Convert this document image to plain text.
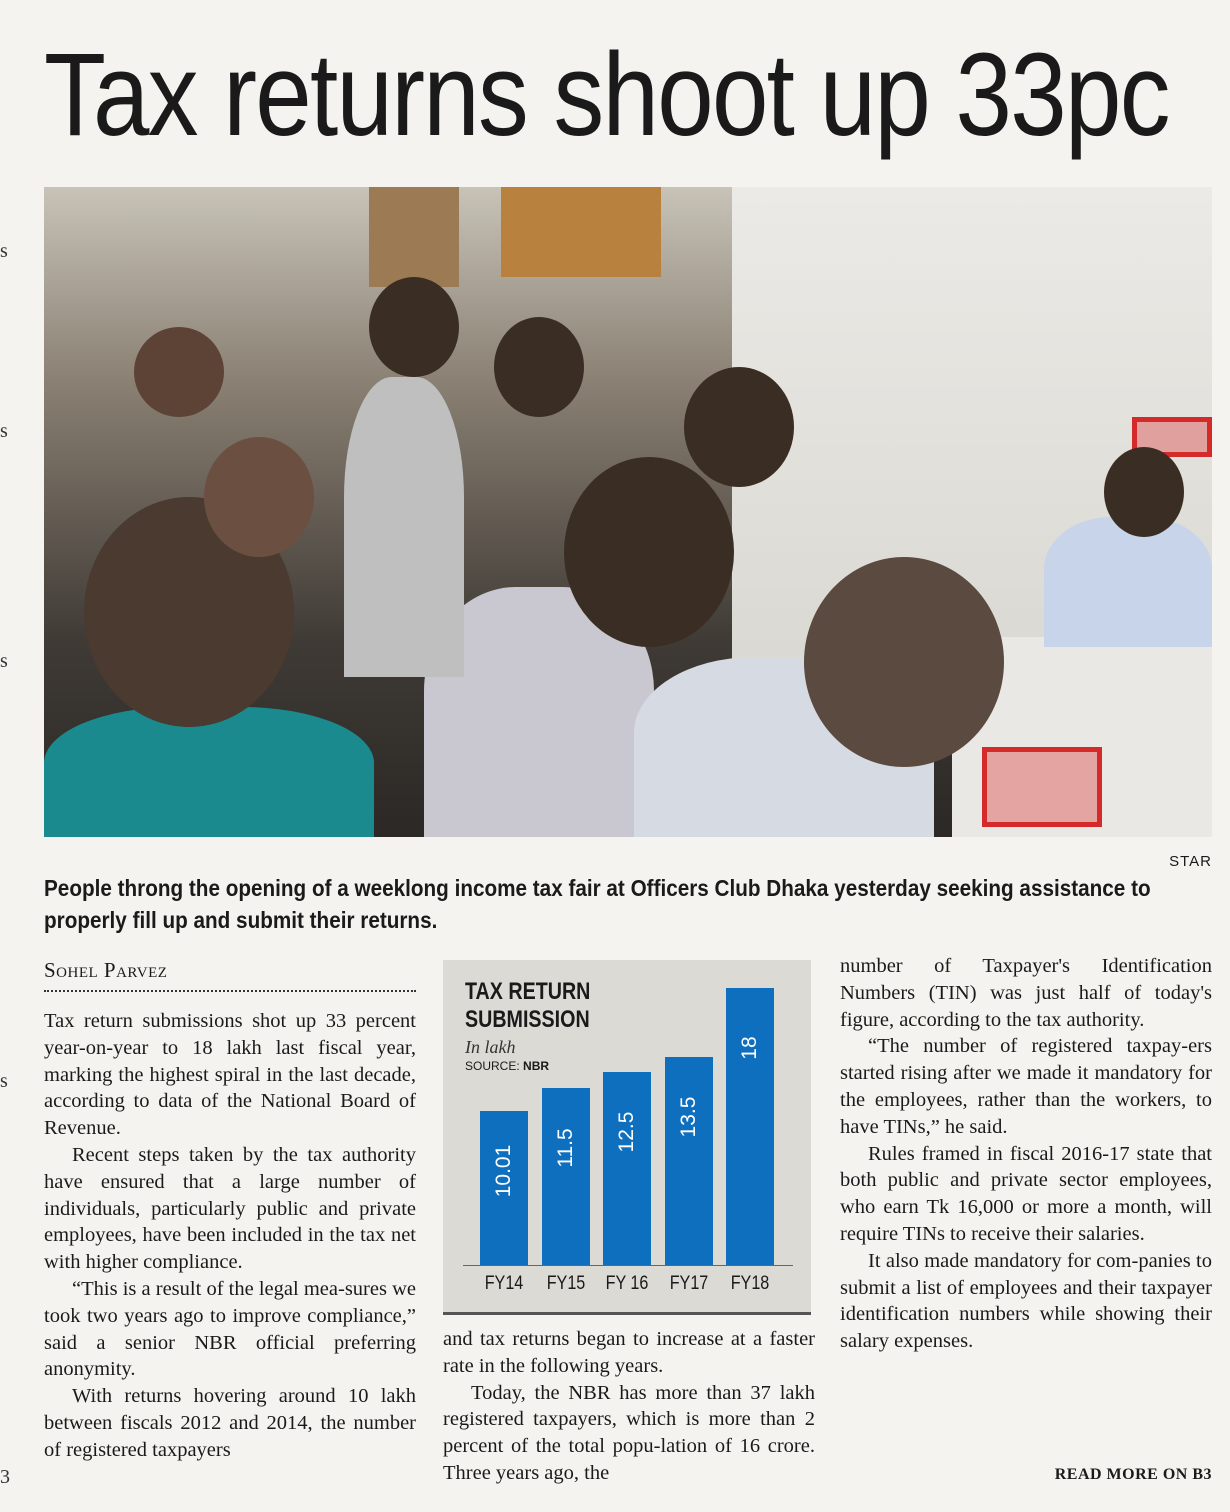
Tax returns shoot up 33pc
STAR
People throng the opening of a weeklong income tax fair at Officers Club Dhaka yesterday seeking assistance to properly fill up and submit their returns.
Sohel Parvez

Tax return submissions shot up 33 percent year-on-year to 18 lakh last fiscal year, marking the highest spiral in the last decade, according to data of the National Board of Revenue.

Recent steps taken by the tax authority have ensured that a large number of individuals, particularly public and private employees, have been included in the tax net with higher compliance.

“This is a result of the legal mea-sures we took two years ago to improve compliance,” said a senior NBR official preferring anonymity.

With returns hovering around 10 lakh between fiscals 2012 and 2014, the number of registered taxpayers

TAX RETURN SUBMISSION
In lakh
SOURCE: NBR
10.01
FY14
11.5
FY15
12.5
FY 16
13.5
FY17
18
FY18

and tax returns began to increase at a faster rate in the following years.

Today, the NBR has more than 37 lakh registered taxpayers, which is more than 2 percent of the total popu-lation of 16 crore. Three years ago, the

number of Taxpayer's Identification Numbers (TIN) was just half of today's figure, according to the tax authority.

“The number of registered taxpay-ers started rising after we made it mandatory for the employees, rather than the workers, to have TINs,” he said.

Rules framed in fiscal 2016-17 state that both public and private sector employees, who earn Tk 16,000 or more a month, will require TINs to receive their salaries.

It also made mandatory for com-panies to submit a list of employees and their taxpayer identification numbers while showing their salary expenses.

READ MORE ON B3
s
s
s
s
3
